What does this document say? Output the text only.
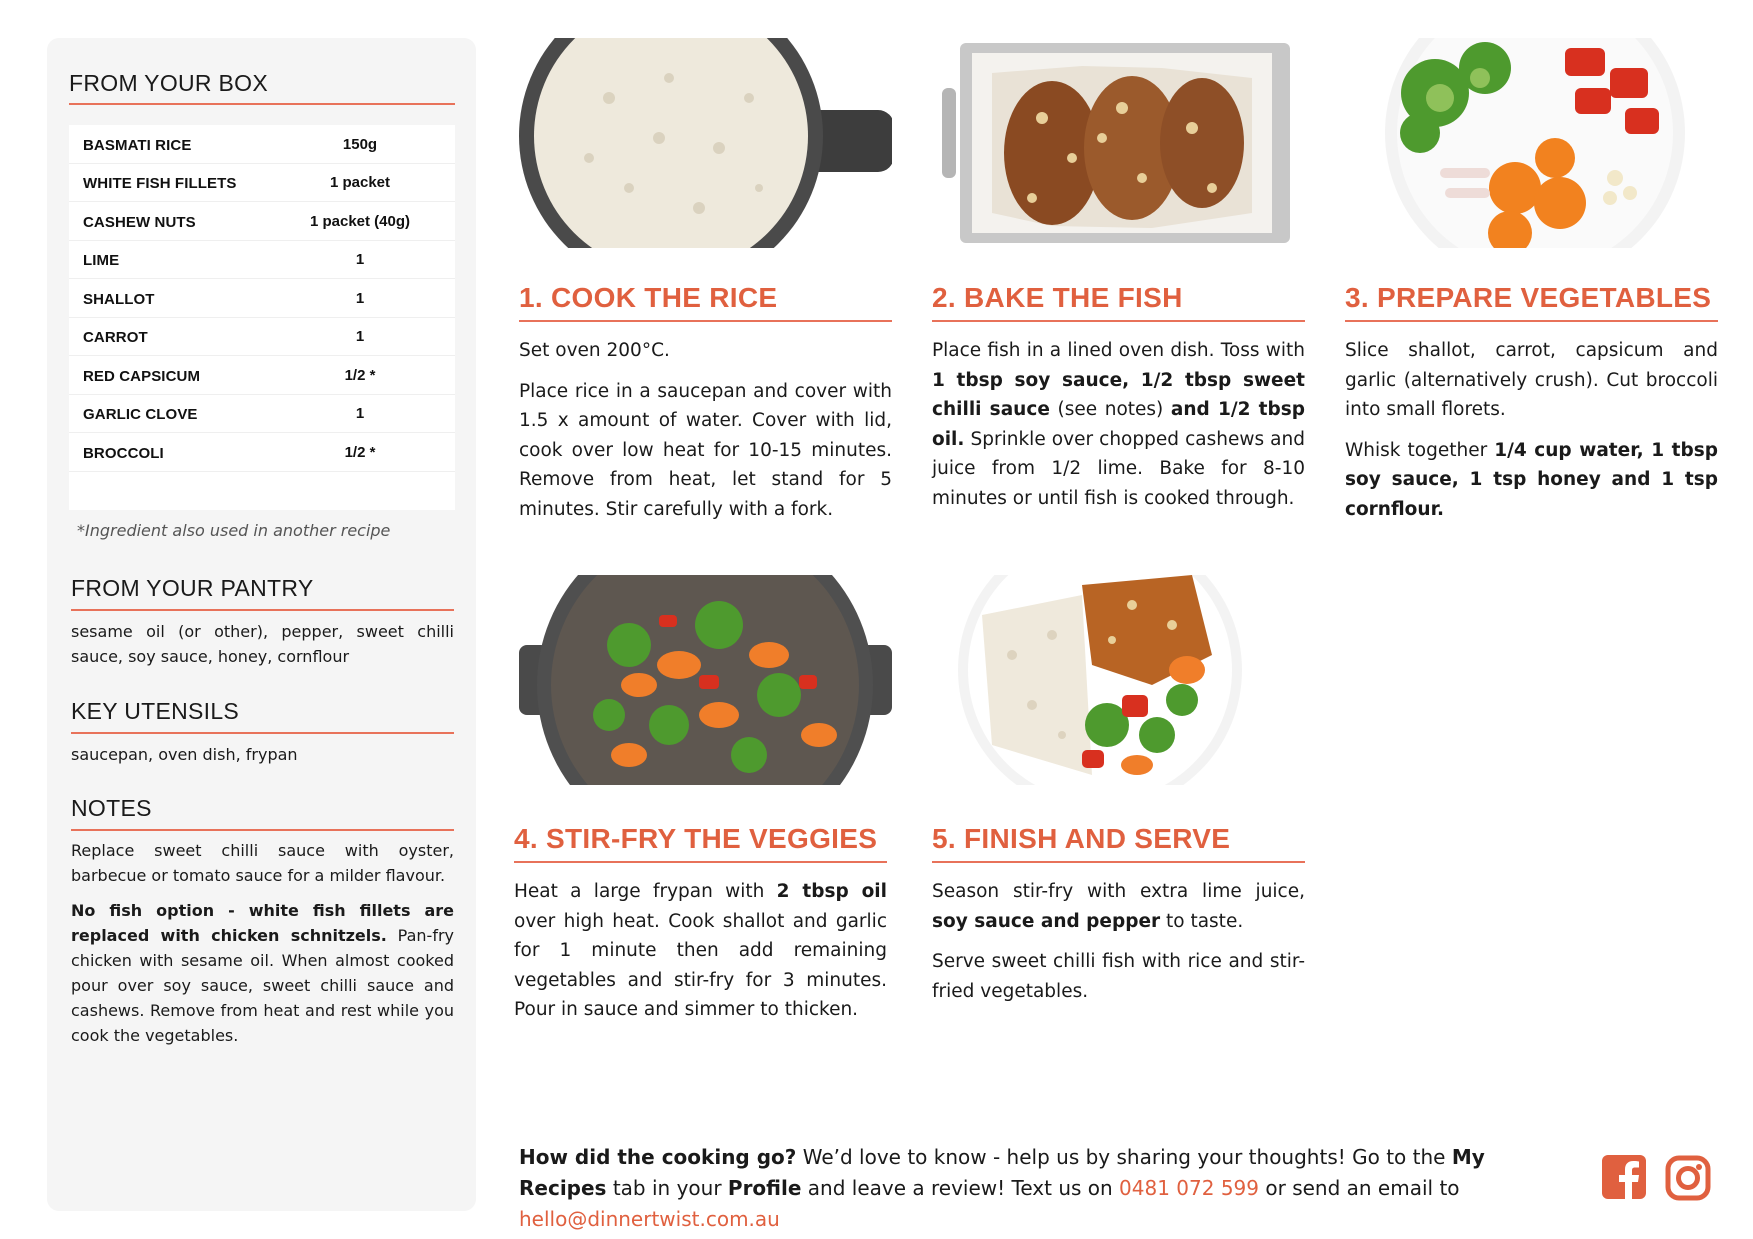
FROM YOUR BOX
BASMATI RICE	150g
WHITE FISH FILLETS	1 packet
CASHEW NUTS	1 packet (40g)
LIME	1
SHALLOT	1
CARROT	1
RED CAPSICUM	1/2 *
GARLIC CLOVE	1
BROCCOLI	1/2 *
*Ingredient also used in another recipe
FROM YOUR PANTRY

sesame oil (or other), pepper, sweet chilli sauce, soy sauce, honey, cornflour

KEY UTENSILS

saucepan, oven dish, frypan

NOTES

Replace sweet chilli sauce with oyster, barbecue or tomato sauce for a milder flavour.

No fish option - white fish fillets are replaced with chicken schnitzels. Pan-fry chicken with sesame oil. When almost cooked pour over soy sauce, sweet chilli sauce and cashews. Remove from heat and rest while you cook the vegetables.

1. COOK THE RICE

Set oven 200°C.

Place rice in a saucepan and cover with 1.5 x amount of water. Cover with lid, cook over low heat for 10-15 minutes. Remove from heat, let stand for 5 minutes. Stir carefully with a fork.

2. BAKE THE FISH

Place fish in a lined oven dish. Toss with 1 tbsp soy sauce, 1/2 tbsp sweet chilli sauce (see notes) and 1/2 tbsp oil. Sprinkle over chopped cashews and juice from 1/2 lime. Bake for 8-10 minutes or until fish is cooked through.

3. PREPARE VEGETABLES

Slice shallot, carrot, capsicum and garlic (alternatively crush). Cut broccoli into small florets.

Whisk together 1/4 cup water, 1 tbsp soy sauce, 1 tsp honey and 1 tsp cornflour.

4. STIR-FRY THE VEGGIES

Heat a large frypan with 2 tbsp oil over high heat. Cook shallot and garlic for 1 minute then add remaining vegetables and stir-fry for 3 minutes. Pour in sauce and simmer to thicken.

5. FINISH AND SERVE

Season stir-fry with extra lime juice, soy sauce and pepper to taste.

Serve sweet chilli fish with rice and stir-fried vegetables.

How did the cooking go? We’d love to know - help us by sharing your thoughts! Go to the My Recipes tab in your Profile and leave a review! Text us on 0481 072 599 or send an email to hello@dinnertwist.com.au
